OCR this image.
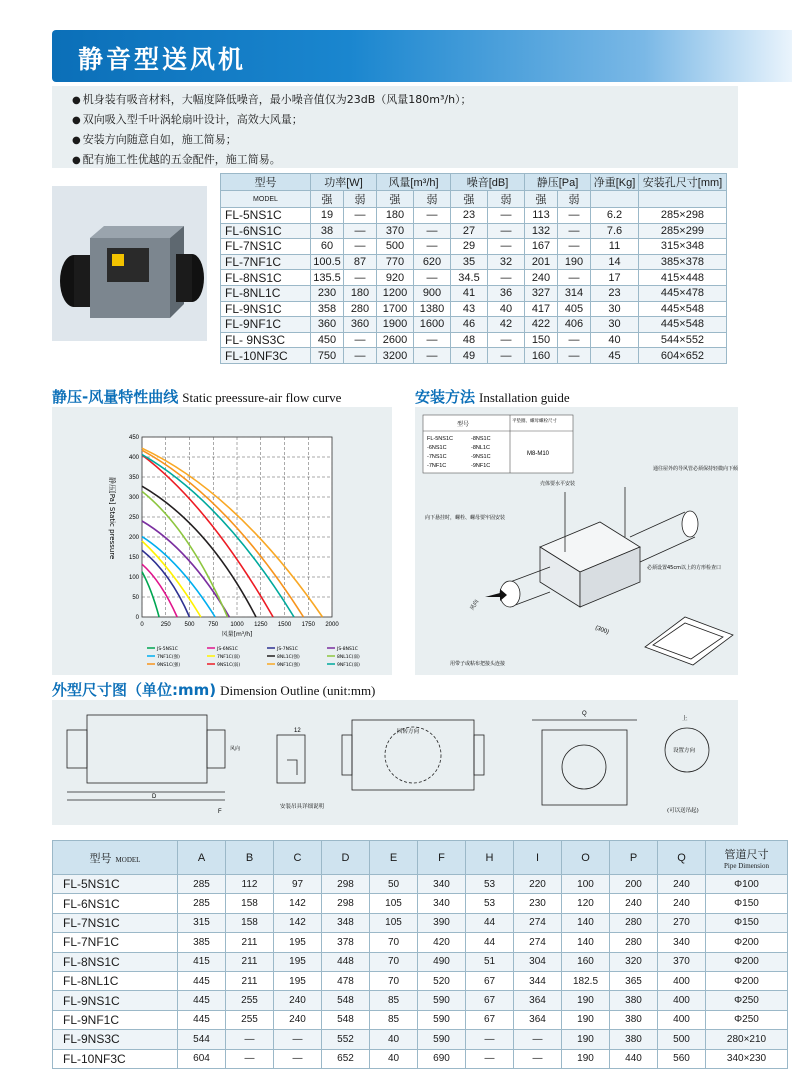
静音型送风机
● 机身装有吸音材料，大幅度降低噪音，最小噪音值仅为23dB（风量180m³/h）；
● 双向吸入型千叶涡轮扇叶设计，高效大风量；
● 安装方向随意自如，施工简易；
● 配有施工性优越的五金配件，施工简易。
型号	功率[W]		风量[m³/h]		噪音[dB]		静压[Pa]		净重[Kg]	安装孔尺寸[mm]
MODEL	强	弱	强	弱	强	弱	强	弱		
FL-5NS1C	19	—	180	—	23	—	113	—	6.2	285×298
FL-6NS1C	38	—	370	—	27	—	132	—	7.6	285×299
FL-7NS1C	60	—	500	—	29	—	167	—	11	315×348
FL-7NF1C	100.5	87	770	620	35	32	201	190	14	385×378
FL-8NS1C	135.5	—	920	—	34.5	—	240	—	17	415×448
FL-8NL1C	230	180	1200	900	41	36	327	314	23	445×478
FL-9NS1C	358	280	1700	1380	43	40	417	405	30	445×548
FL-9NF1C	360	360	1900	1600	46	42	422	406	30	445×548
FL- 9NS3C	450	—	2600	—	48	—	150	—	40	544×552
FL-10NF3C	750	—	3200	—	49	—	160	—	45	604×652
静压-风量特性曲线 Static preessure-air flow curve	安装方法 Installation guide
0	250 500 750 1000 1250 1500 1750 2000
0
50
100
150
200
250
300
350
400
450
风量[m³/h]
静压[Pa] Static pressure
JS-5NS1C	JS-6NS1C	JS-7NS1C	JS-8NS1C
7NF1C(强)	7NF1C(弱)	8NL1C(强)	8NL1C(弱)
9NS1C(强)	9NS1C(弱)	9NF1C(强)	9NF1C(弱)
型号	平垫圈、螺母螺栓尺寸
FL-5NS1C
-6NS1C
-7NS1C
-7NF1C
-8NS1C
-8NL1C
-9NS1C
-9NF1C
M8-M10
风向
通往屋外的导风管必须保持轻微向下倾斜
壳体要水平安装
向下悬挂时，螺栓、螺母要牢固安装
必须设置45cm以上的方形检查口
用带子或粘布把接头连接
(300)
外型尺寸图（单位:mm) Dimension Outline (unit:mm)
F
D
12
安装吊具详细说明
风向
回转方向
Q
设置方向
上
(可以送吊起)
型号 MODEL	A	B	C	D	E	F	H	I	O	P	Q	管道尺寸
Pipe Dimension

FL-5NS1C	285	112	97	298	50	340	53	220	100	200	240	Φ100
FL-6NS1C	285	158	142	298	105	340	53	230	120	240	240	Φ150
FL-7NS1C	315	158	142	348	105	390	44	274	140	280	270	Φ150
FL-7NF1C	385	211	195	378	70	420	44	274	140	280	340	Φ200
FL-8NS1C	415	211	195	448	70	490	51	304	160	320	370	Φ200
FL-8NL1C	445	211	195	478	70	520	67	344	182.5	365	400	Φ200
FL-9NS1C	445	255	240	548	85	590	67	364	190	380	400	Φ250
FL-9NF1C	445	255	240	548	85	590	67	364	190	380	400	Φ250
FL-9NS3C	544	—	—	552	40	590	—	—	190	380	500	280×210
FL-10NF3C	604	—	—	652	40	690	—	—	190	440	560	340×230
